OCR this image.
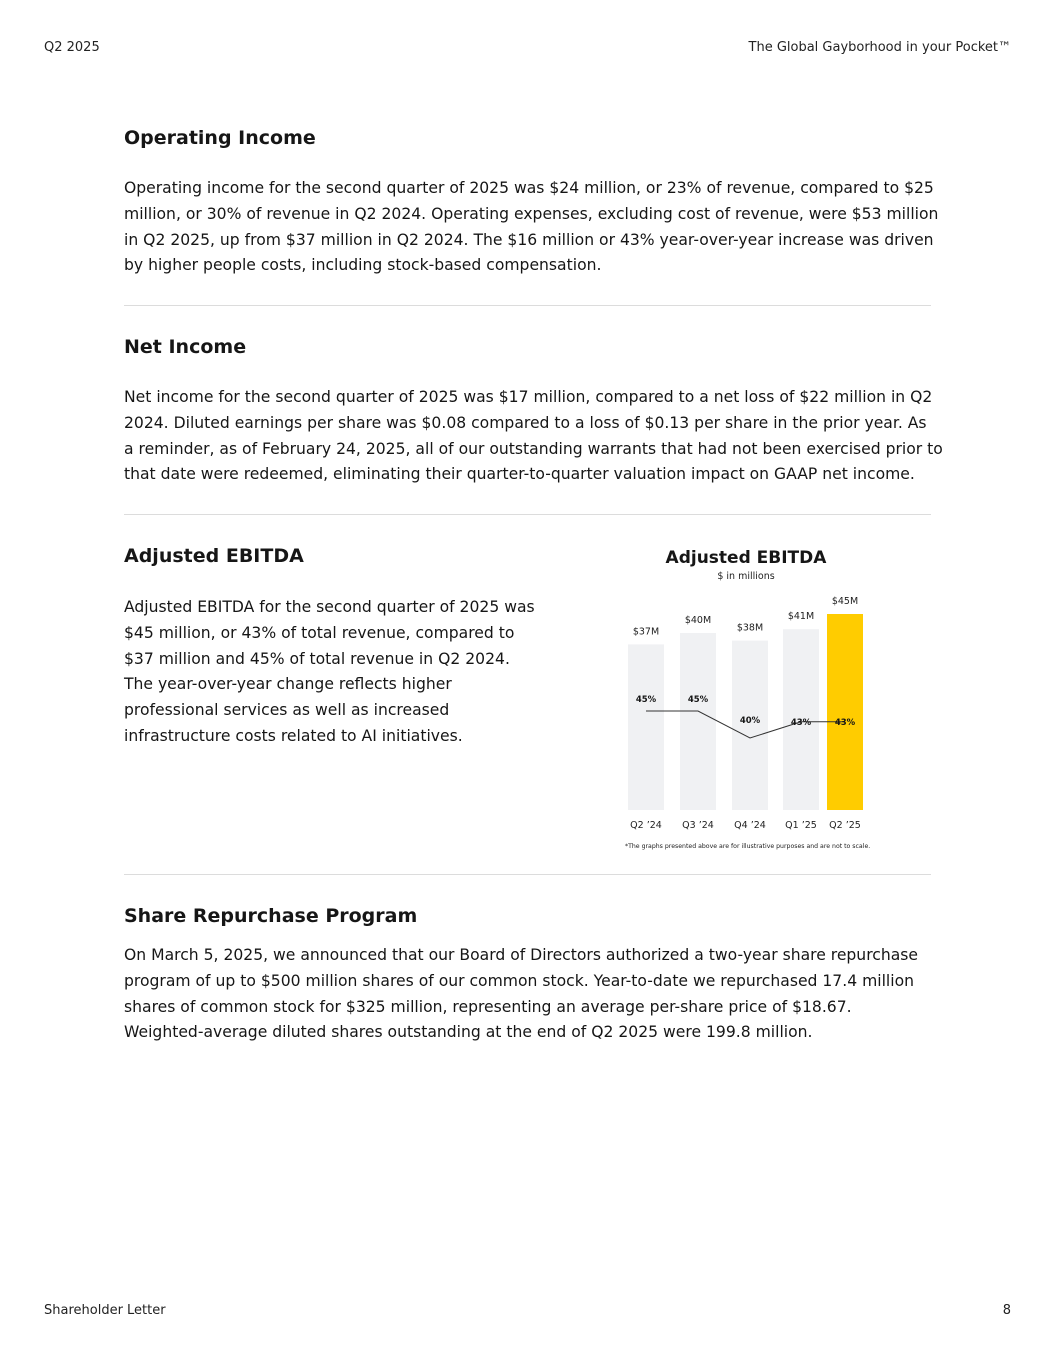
Q2 2025	The Global Gayborhood in your Pocket™
Operating Income
Operating income for the second quarter of 2025 was $24 million, or 23% of revenue, compared to $25
million, or 30% of revenue in Q2 2024. Operating expenses, excluding cost of revenue, were $53 million
in Q2 2025, up from $37 million in Q2 2024. The $16 million or 43% year-over-year increase was driven
by higher people costs, including stock-based compensation.
Net Income
Net income for the second quarter of 2025 was $17 million, compared to a net loss of $22 million in Q2
2024. Diluted earnings per share was $0.08 compared to a loss of $0.13 per share in the prior year. As
a reminder, as of February 24, 2025, all of our outstanding warrants that had not been exercised prior to
that date were redeemed, eliminating their quarter-to-quarter valuation impact on GAAP net income.
Adjusted EBITDA
Adjusted EBITDA for the second quarter of 2025 was
$45 million, or 43% of total revenue, compared to
$37 million and 45% of total revenue in Q2 2024.
The year-over-year change reflects higher
professional services as well as increased
infrastructure costs related to AI initiatives.
Adjusted EBITDA
$ in millions
$37M
Q2 ’24
45%
$40M
Q3 ’24
45%
$38M
Q4 ’24
40%
$41M
Q1 ’25
43%
$45M
Q2 ’25
43%
*The graphs presented above are for illustrative purposes and are not to scale.
Share Repurchase Program
On March 5, 2025, we announced that our Board of Directors authorized a two-year share repurchase
program of up to $500 million shares of our common stock. Year-to-date we repurchased 17.4 million
shares of common stock for $325 million, representing an average per-share price of $18.67.
Weighted-average diluted shares outstanding at the end of Q2 2025 were 199.8 million.
Shareholder Letter	8
